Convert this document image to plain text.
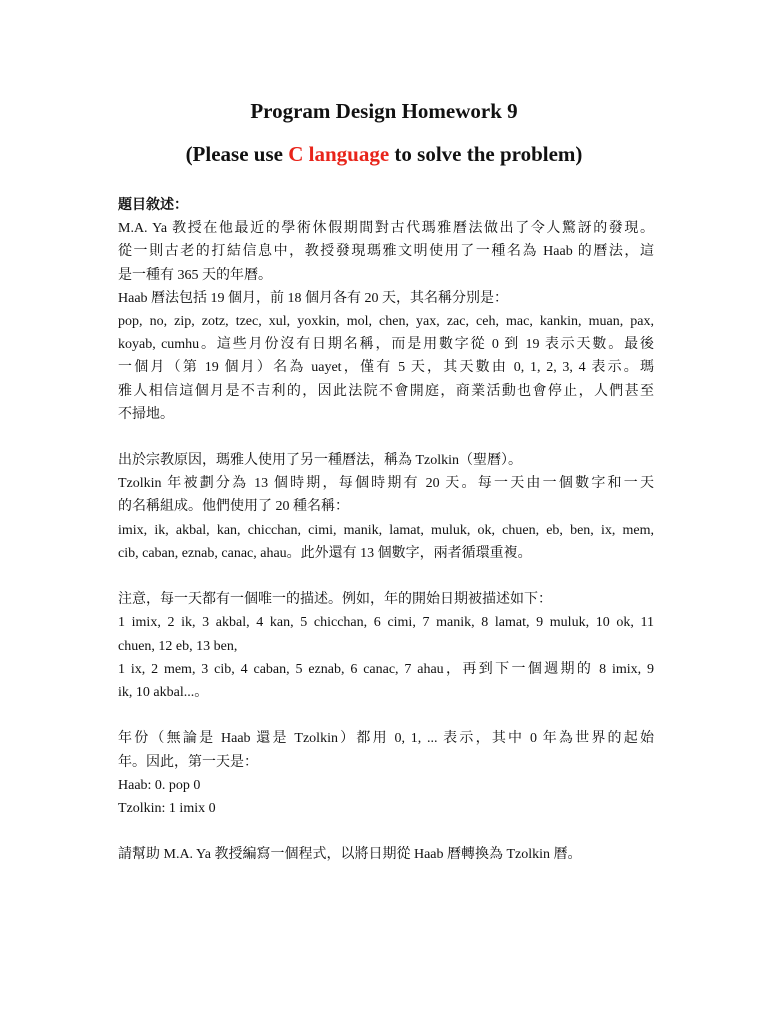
Program Design Homework 9
(Please use C language to solve the problem)
題目敘述：
M.A. Ya 教授在他最近的學術休假期間對古代瑪雅曆法做出了令人驚訝的發現。
從一則古老的打結信息中，教授發現瑪雅文明使用了一種名為 Haab 的曆法，這
是一種有 365 天的年曆。
Haab 曆法包括 19 個月，前 18 個月各有 20 天，其名稱分別是：
pop, no, zip, zotz, tzec, xul, yoxkin, mol, chen, yax, zac, ceh, mac, kankin, muan, pax,
koyab, cumhu。這些月份沒有日期名稱，而是用數字從 0 到 19 表示天數。最後
一個月（第 19 個月）名為 uayet，僅有 5 天，其天數由 0, 1, 2, 3, 4 表示。瑪
雅人相信這個月是不吉利的，因此法院不會開庭，商業活動也會停止，人們甚至
不掃地。
出於宗教原因，瑪雅人使用了另一種曆法，稱為 Tzolkin（聖曆）。
Tzolkin 年被劃分為 13 個時期，每個時期有 20 天。每一天由一個數字和一天
的名稱組成。他們使用了 20 種名稱：
imix, ik, akbal, kan, chicchan, cimi, manik, lamat, muluk, ok, chuen, eb, ben, ix, mem,
cib, caban, eznab, canac, ahau。此外還有 13 個數字，兩者循環重複。
注意，每一天都有一個唯一的描述。例如，年的開始日期被描述如下：
1 imix, 2 ik, 3 akbal, 4 kan, 5 chicchan, 6 cimi, 7 manik, 8 lamat, 9 muluk, 10 ok, 11
chuen, 12 eb, 13 ben,
1 ix, 2 mem, 3 cib, 4 caban, 5 eznab, 6 canac, 7 ahau，再到下一個週期的 8 imix, 9
ik, 10 akbal...。
年份（無論是 Haab 還是 Tzolkin）都用 0, 1, ... 表示，其中 0 年為世界的起始
年。因此，第一天是：
Haab: 0. pop 0
Tzolkin: 1 imix 0
請幫助 M.A. Ya 教授編寫一個程式，以將日期從 Haab 曆轉換為 Tzolkin 曆。
